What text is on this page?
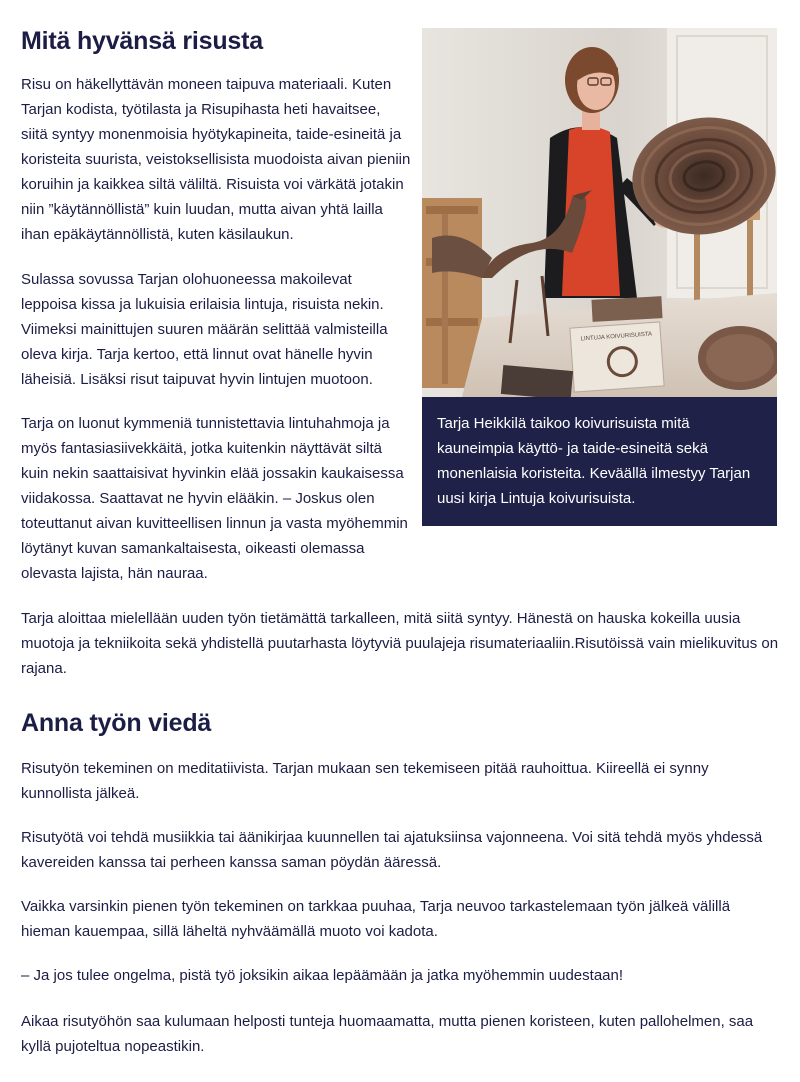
Mitä hyvänsä risusta

Risu on häkellyttävän moneen taipuva materiaali. Kuten Tarjan kodista, työtilasta ja Risupihasta heti havaitsee, siitä syntyy monenmoisia hyötykapineita, taide-esineitä ja koristeita suurista, veistoksellisista muodoista aivan pieniin koruihin ja kaikkea siltä väliltä. Risuista voi värkätä jotakin niin ”käytännöllistä” kuin luudan, mutta aivan yhtä lailla ihan epäkäytännöllistä, kuten käsilaukun.

Sulassa sovussa Tarjan olohuoneessa makoilevat leppoisa kissa ja lukuisia erilaisia lintuja, risuista nekin. Viimeksi mainittujen suuren määrän selittää valmisteilla oleva kirja. Tarja kertoo, että linnut ovat hänelle hyvin läheisiä. Lisäksi risut taipuvat hyvin lintujen muotoon.

Tarja on luonut kymmeniä tunnistettavia lintuhahmoja ja myös fantasiasiivekkäitä, jotka kuitenkin näyttävät siltä kuin nekin saattaisivat hyvinkin elää jossakin kaukaisessa viidakossa. Saattavat ne hyvin elääkin. – Joskus olen toteuttanut aivan kuvitteellisen linnun ja vasta myöhemmin löytänyt kuvan samankaltaisesta, oikeasti olemassa olevasta lajista, hän nauraa.

Tarja aloittaa mielellään uuden työn tietämättä tarkalleen, mitä siitä syntyy. Hänestä on hauska kokeilla uusia muotoja ja tekniikoita sekä yhdistellä puutarhasta löytyviä puulajeja risumateriaaliin.Risutöissä vain mielikuvitus on rajana.

Anna työn viedä

Risutyön tekeminen on meditatiivista. Tarjan mukaan sen tekemiseen pitää rauhoittua. Kiireellä ei synny kunnollista jälkeä.

Risutyötä voi tehdä musiikkia tai äänikirjaa kuunnellen tai ajatuksiinsa vajonneena. Voi sitä tehdä myös yhdessä kavereiden kanssa tai perheen kanssa saman pöydän ääressä.

Vaikka varsinkin pienen työn tekeminen on tarkkaa puuhaa, Tarja neuvoo tarkastelemaan työn jälkeä välillä hieman kauempaa, sillä läheltä nyhväämällä muoto voi kadota.

– Ja jos tulee ongelma, pistä työ joksikin aikaa lepäämään ja jatka myöhemmin uudestaan!

Aikaa risutyöhön saa kulumaan helposti tunteja huomaamatta, mutta pienen koristeen, kuten pallohelmen, saa kyllä pujoteltua nopeastikin.

LINTUJA KOIVURISUISTA

Tarja Heikkilä taikoo koivurisuista mitä kauneimpia käyttö- ja taide-esineitä sekä monenlaisia koristeita. Keväällä ilmestyy Tarjan uusi kirja Lintuja koivurisuista.
